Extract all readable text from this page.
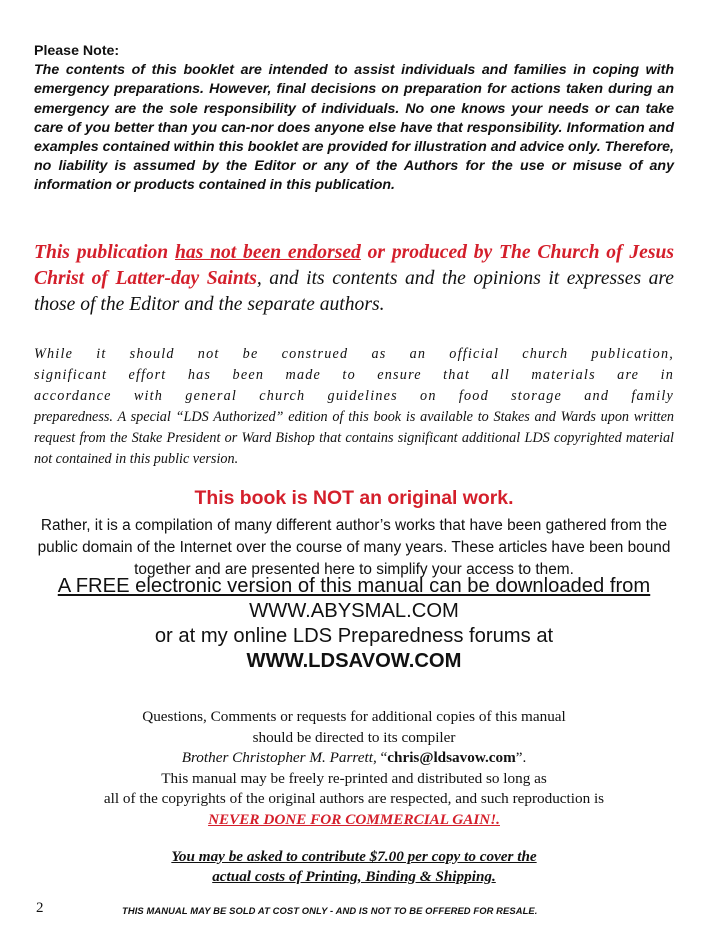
Please Note:
The contents of this booklet are intended to assist individuals and families in coping with emergency preparations. However, final decisions on preparation for actions taken during an emergency are the sole responsibility of individuals. No one knows your needs or can take care of you better than you can-nor does anyone else have that responsibility. Information and examples contained within this booklet are provided for illustration and advice only. Therefore, no liability is assumed by the Editor or any of the Authors for the use or misuse of any information or products contained in this publication.
This publication has not been endorsed or produced by The Church of Jesus Christ of Latter-day Saints, and its contents and the opinions it expresses are those of the Editor and the separate authors.
While it should not be construed as an official church publication,
significant effort has been made to ensure that all materials are in
accordance with general church guidelines on food storage and family
preparedness. A special “LDS Authorized” edition of this book is available to Stakes and Wards upon written request from the Stake President or Ward Bishop that contains significant additional LDS copyrighted material not contained in this public version.
This book is NOT an original work.
Rather, it is a compilation of many different author’s works that have been gathered from the public domain of the Internet over the course of many years. These articles have been bound together and are presented here to simplify your access to them.
A FREE electronic version of this manual can be downloaded from
WWW.ABYSMAL.COM
or at my online LDS Preparedness forums at
WWW.LDSAVOW.COM
Questions, Comments or requests for additional copies of this manual
should be directed to its compiler
Brother Christopher M. Parrett, “chris@ldsavow.com”.
This manual may be freely re-printed and distributed so long as
all of the copyrights of the original authors are respected, and such reproduction is
NEVER DONE FOR COMMERCIAL GAIN!.
You may be asked to contribute $7.00 per copy to cover the
actual costs of Printing, Binding & Shipping.
2	THIS MANUAL MAY BE SOLD AT COST ONLY - AND IS NOT TO BE OFFERED FOR RESALE.
